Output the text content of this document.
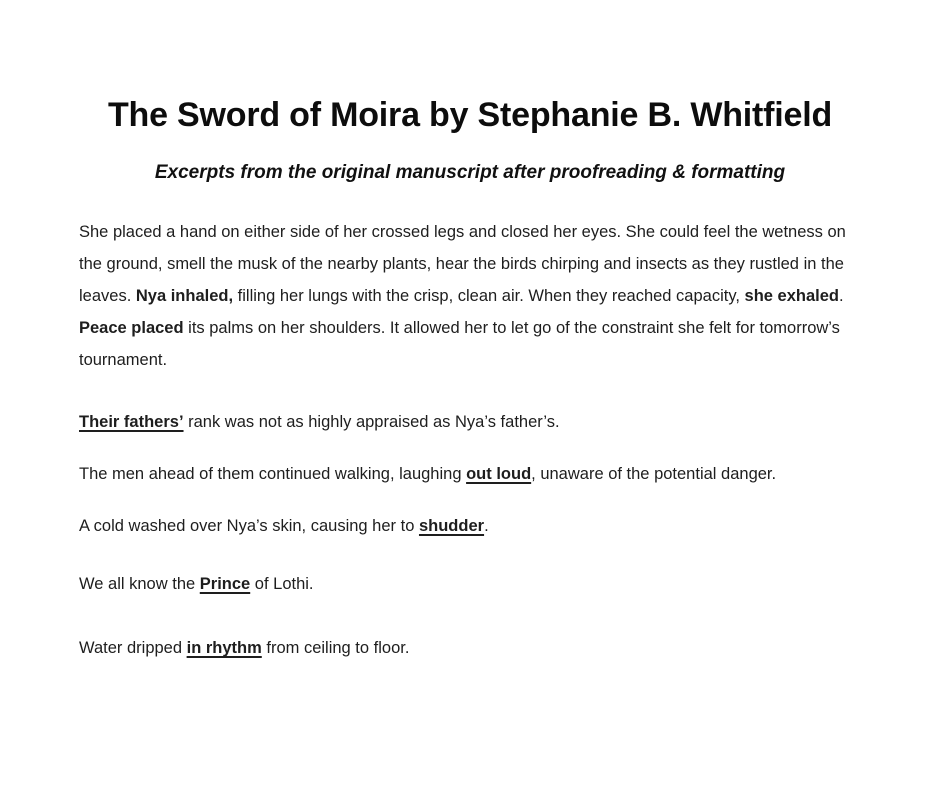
The Sword of Moira by Stephanie B. Whitfield
Excerpts from the original manuscript after proofreading & formatting

She placed a hand on either side of her crossed legs and closed her eyes. She could feel the wetness on the ground, smell the musk of the nearby plants, hear the birds chirping and insects as they rustled in the leaves. Nya inhaled, filling her lungs with the crisp, clean air. When they reached capacity, she exhaled. Peace placed its palms on her shoulders. It allowed her to let go of the constraint she felt for tomorrow’s tournament.

Their fathers’ rank was not as highly appraised as Nya’s father’s.

The men ahead of them continued walking, laughing out loud, unaware of the potential danger.

A cold washed over Nya’s skin, causing her to shudder.

We all know the Prince of Lothi.

Water dripped in rhythm from ceiling to floor.
